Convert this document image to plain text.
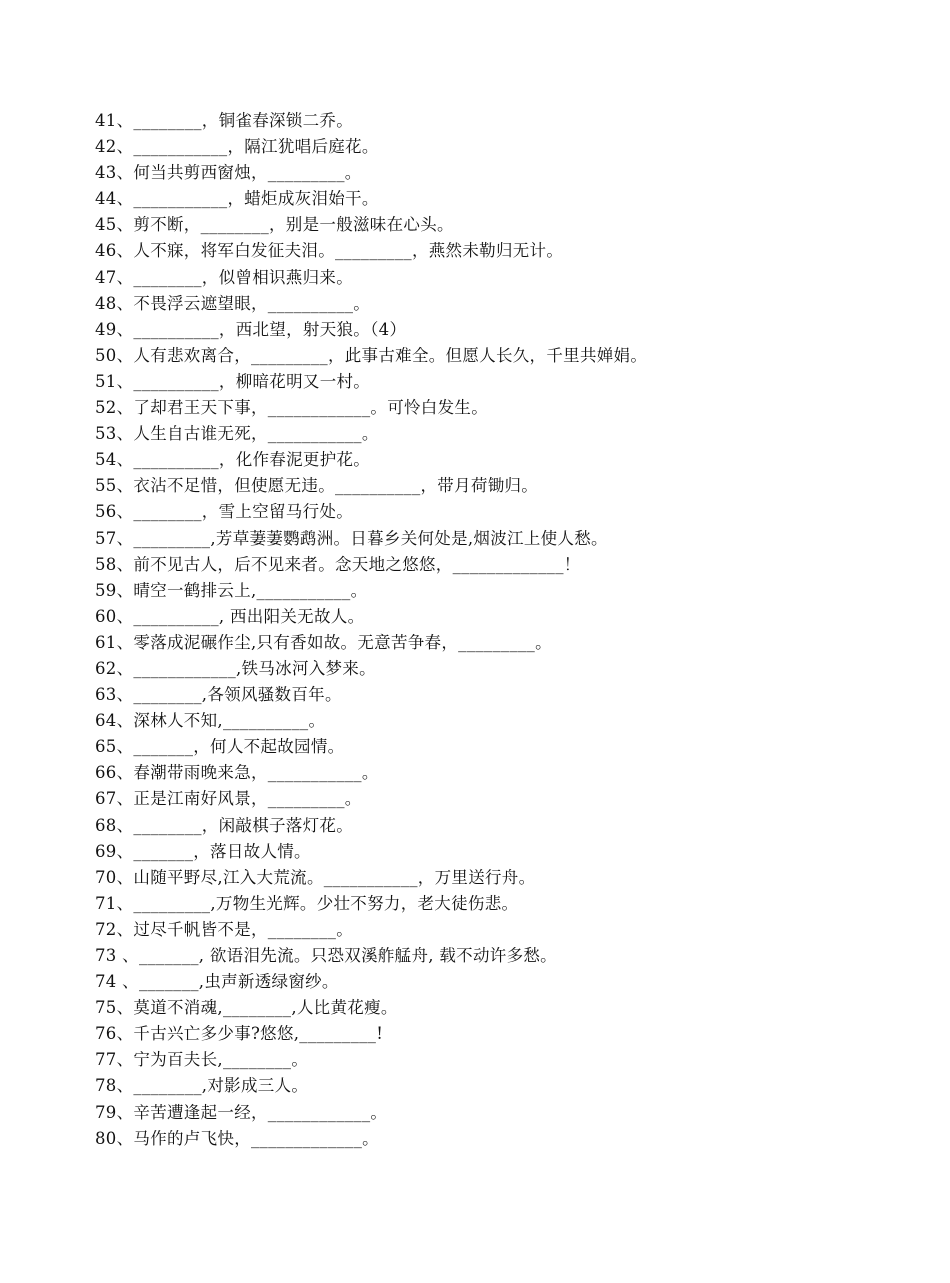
41、________，铜雀春深锁二乔。
42、___________，隔江犹唱后庭花。
43、何当共剪西窗烛，_________。
44、___________，蜡炬成灰泪始干。
45、剪不断，________，别是一般滋味在心头。
46、人不寐，将军白发征夫泪。_________，燕然未勒归无计。
47、________，似曾相识燕归来。
48、不畏浮云遮望眼，__________。
49、__________，西北望，射天狼。（4）
50、人有悲欢离合，_________，此事古难全。但愿人长久，千里共婵娟。
51、__________，柳暗花明又一村。
52、了却君王天下事，____________。可怜白发生。
53、人生自古谁无死，___________。
54、__________，化作春泥更护花。
55、衣沾不足惜，但使愿无违。__________，带月荷锄归。
56、________，雪上空留马行处。
57、_________,芳草萋萋鹦鹉洲。日暮乡关何处是,烟波江上使人愁。
58、前不见古人，后不见来者。念天地之悠悠，_____________！
59、晴空一鹤排云上,___________。
60、__________, 西出阳关无故人。
61、零落成泥碾作尘,只有香如故。无意苦争春，_________。
62、____________,铁马冰河入梦来。
63、________,各领风骚数百年。
64、深林人不知,__________。
65、_______，何人不起故园情。
66、春潮带雨晚来急，___________。
67、正是江南好风景，_________。
68、________，闲敲棋子落灯花。
69、_______，落日故人情。
70、山随平野尽,江入大荒流。___________，万里送行舟。
71、_________,万物生光辉。少壮不努力，老大徒伤悲。
72、过尽千帆皆不是，________。
73 、_______, 欲语泪先流。只恐双溪舴艋舟, 载不动许多愁。
74 、_______,虫声新透绿窗纱。
75、莫道不消魂,________,人比黄花瘦。
76、千古兴亡多少事?悠悠,_________!
77、宁为百夫长,________。
78、________,对影成三人。
79、辛苦遭逢起一经，____________。
80、马作的卢飞快，_____________。
